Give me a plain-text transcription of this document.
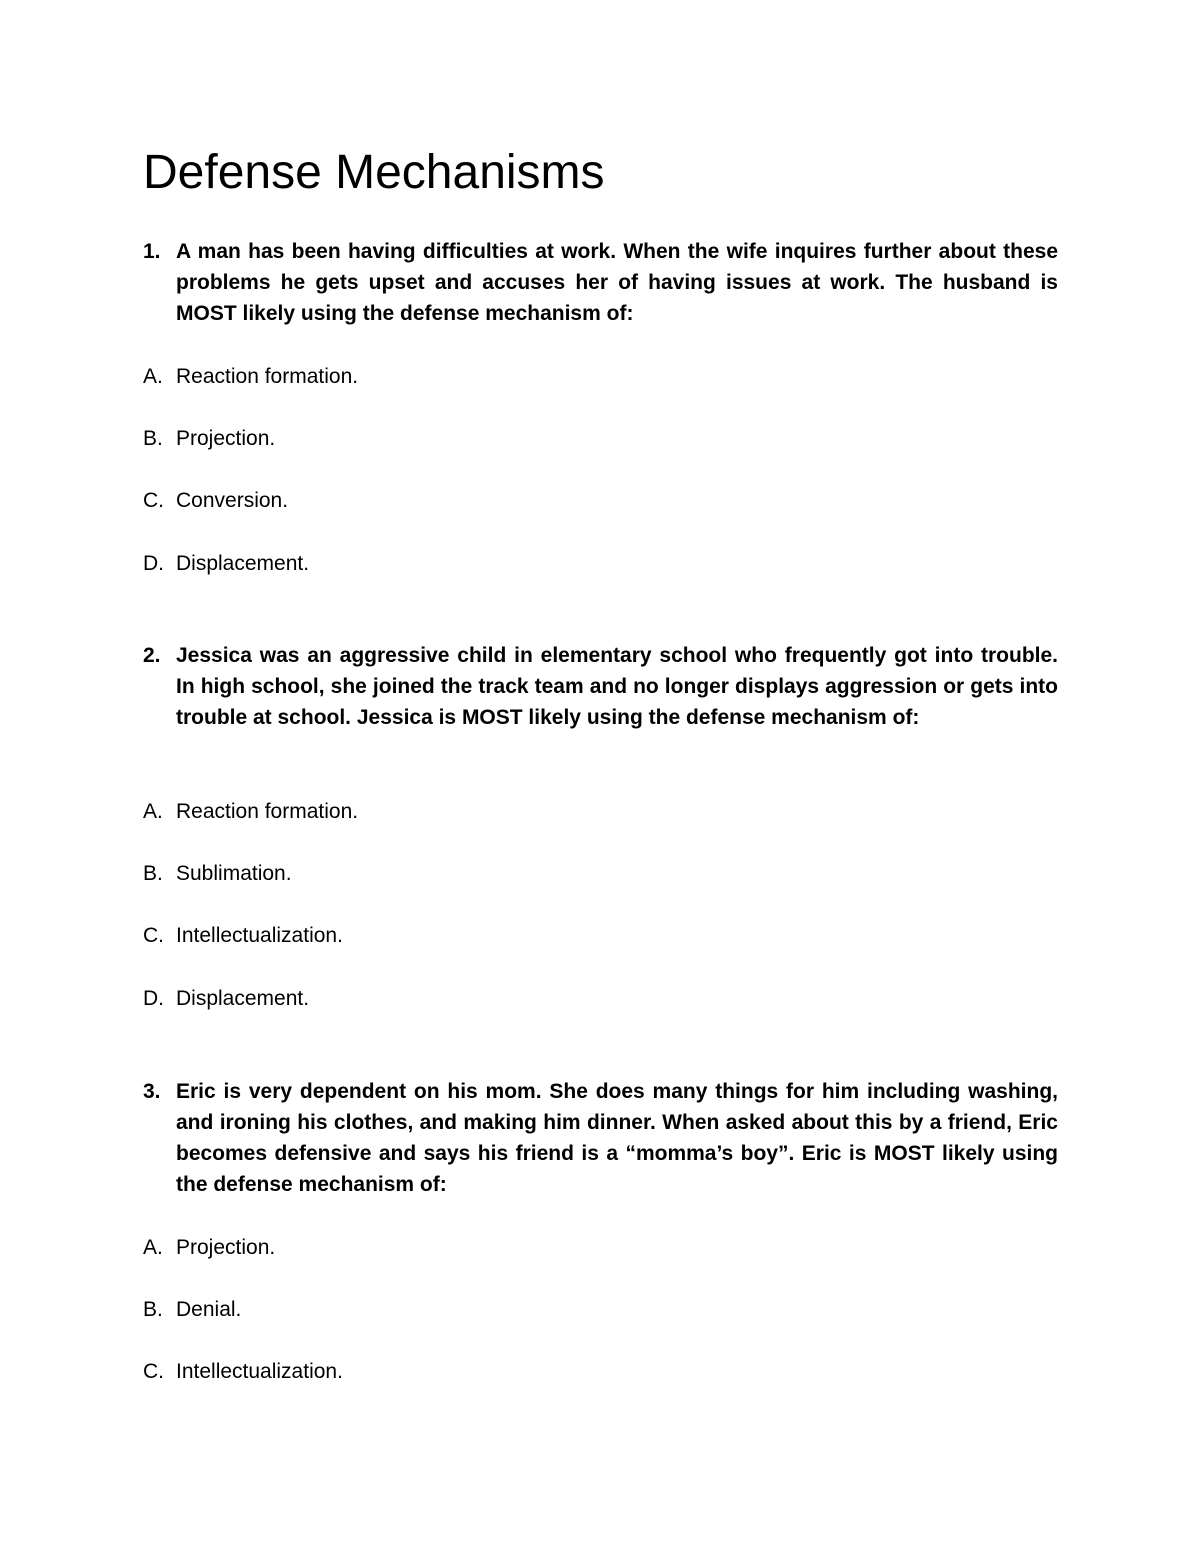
Defense Mechanisms
1. A man has been having difficulties at work. When the wife inquires further about these problems he gets upset and accuses her of having issues at work. The husband is MOST likely using the defense mechanism of:
A. Reaction formation.
B. Projection.
C. Conversion.
D. Displacement.
2. Jessica was an aggressive child in elementary school who frequently got into trouble. In high school, she joined the track team and no longer displays aggression or gets into trouble at school. Jessica is MOST likely using the defense mechanism of:
A. Reaction formation.
B. Sublimation.
C. Intellectualization.
D. Displacement.
3. Eric is very dependent on his mom. She does many things for him including washing, and ironing his clothes, and making him dinner. When asked about this by a friend, Eric becomes defensive and says his friend is a “momma’s boy”. Eric is MOST likely using the defense mechanism of:
A. Projection.
B. Denial.
C. Intellectualization.
